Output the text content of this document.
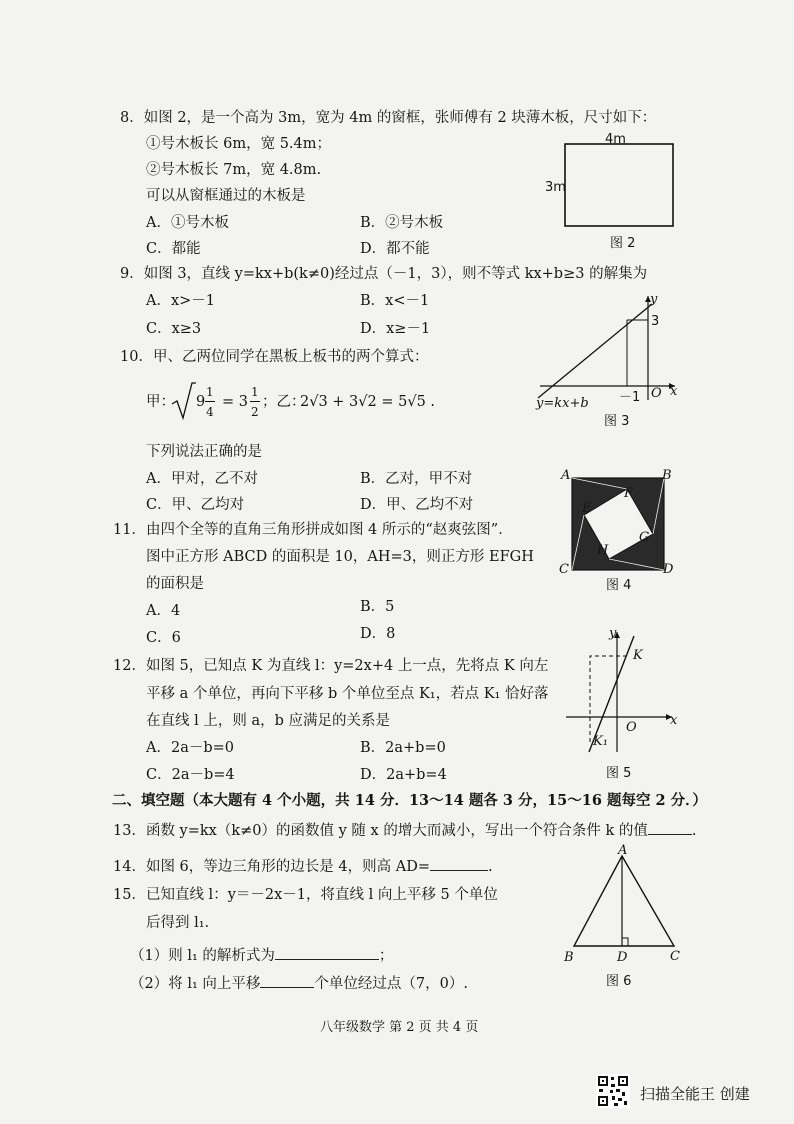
8．如图 2，是一个高为 3m，宽为 4m 的窗框，张师傅有 2 块薄木板，尺寸如下：
①号木板长 6m，宽 5.4m；
②号木板长 7m，宽 4.8m.
可以从窗框通过的木板是
A．①号木板	B．②号木板
C．都能	D．都不能
4m
3m
图 2
9．如图 3，直线 y=kx+b(k≠0)经过点（－1，3），则不等式 kx+b≥3 的解集为
A．x>－1	B．x<－1
C．x≥3	D．x≥－1
y
3
－1 O x
y=kx+b
图 3
10．甲、乙两位同学在黑板上板书的两个算式：
甲： 9
1
4
= 3
1
2
；乙：
2√3 + 3√2 = 5√5 .
下列说法正确的是
A．甲对，乙不对	B．乙对，甲不对
C．甲、乙均对	D．甲、乙均不对
A	B
C	D
E
F
G
H
图 4
11．由四个全等的直角三角形拼成如图 4 所示的“赵爽弦图”．
图中正方形 ABCD 的面积是 10，AH=3，则正方形 EFGH
的面积是
A．4	B．5
C．6	D．8
12．如图 5，已知点 K 为直线 l：y=2x+4 上一点，先将点 K 向左
平移 a 个单位，再向下平移 b 个单位至点 K₁，若点 K₁ 恰好落
在直线 l 上，则 a，b 应满足的关系是
A．2a－b=0	B．2a+b=0
C．2a－b=4	D．2a+b=4
y
K
O	x
K₁
图 5
二、填空题（本大题有 4 个小题，共 14 分．13～14 题各 3 分，15～16 题每空 2 分．）
13．函数 y=kx（k≠0）的函数值 y 随 x 的增大而减小，写出一个符合条件 k 的值	.
14．如图 6，等边三角形的边长是 4，则高 AD=	.
15．已知直线 l：y＝－2x－1，将直线 l 向上平移 5 个单位
后得到 l₁.
（1）则 l₁ 的解析式为	；
（2）将 l₁ 向上平移	个单位经过点（7，0）.
A
B	C
D
图 6
八年级数学 第 2 页 共 4 页
扫描全能王 创建
